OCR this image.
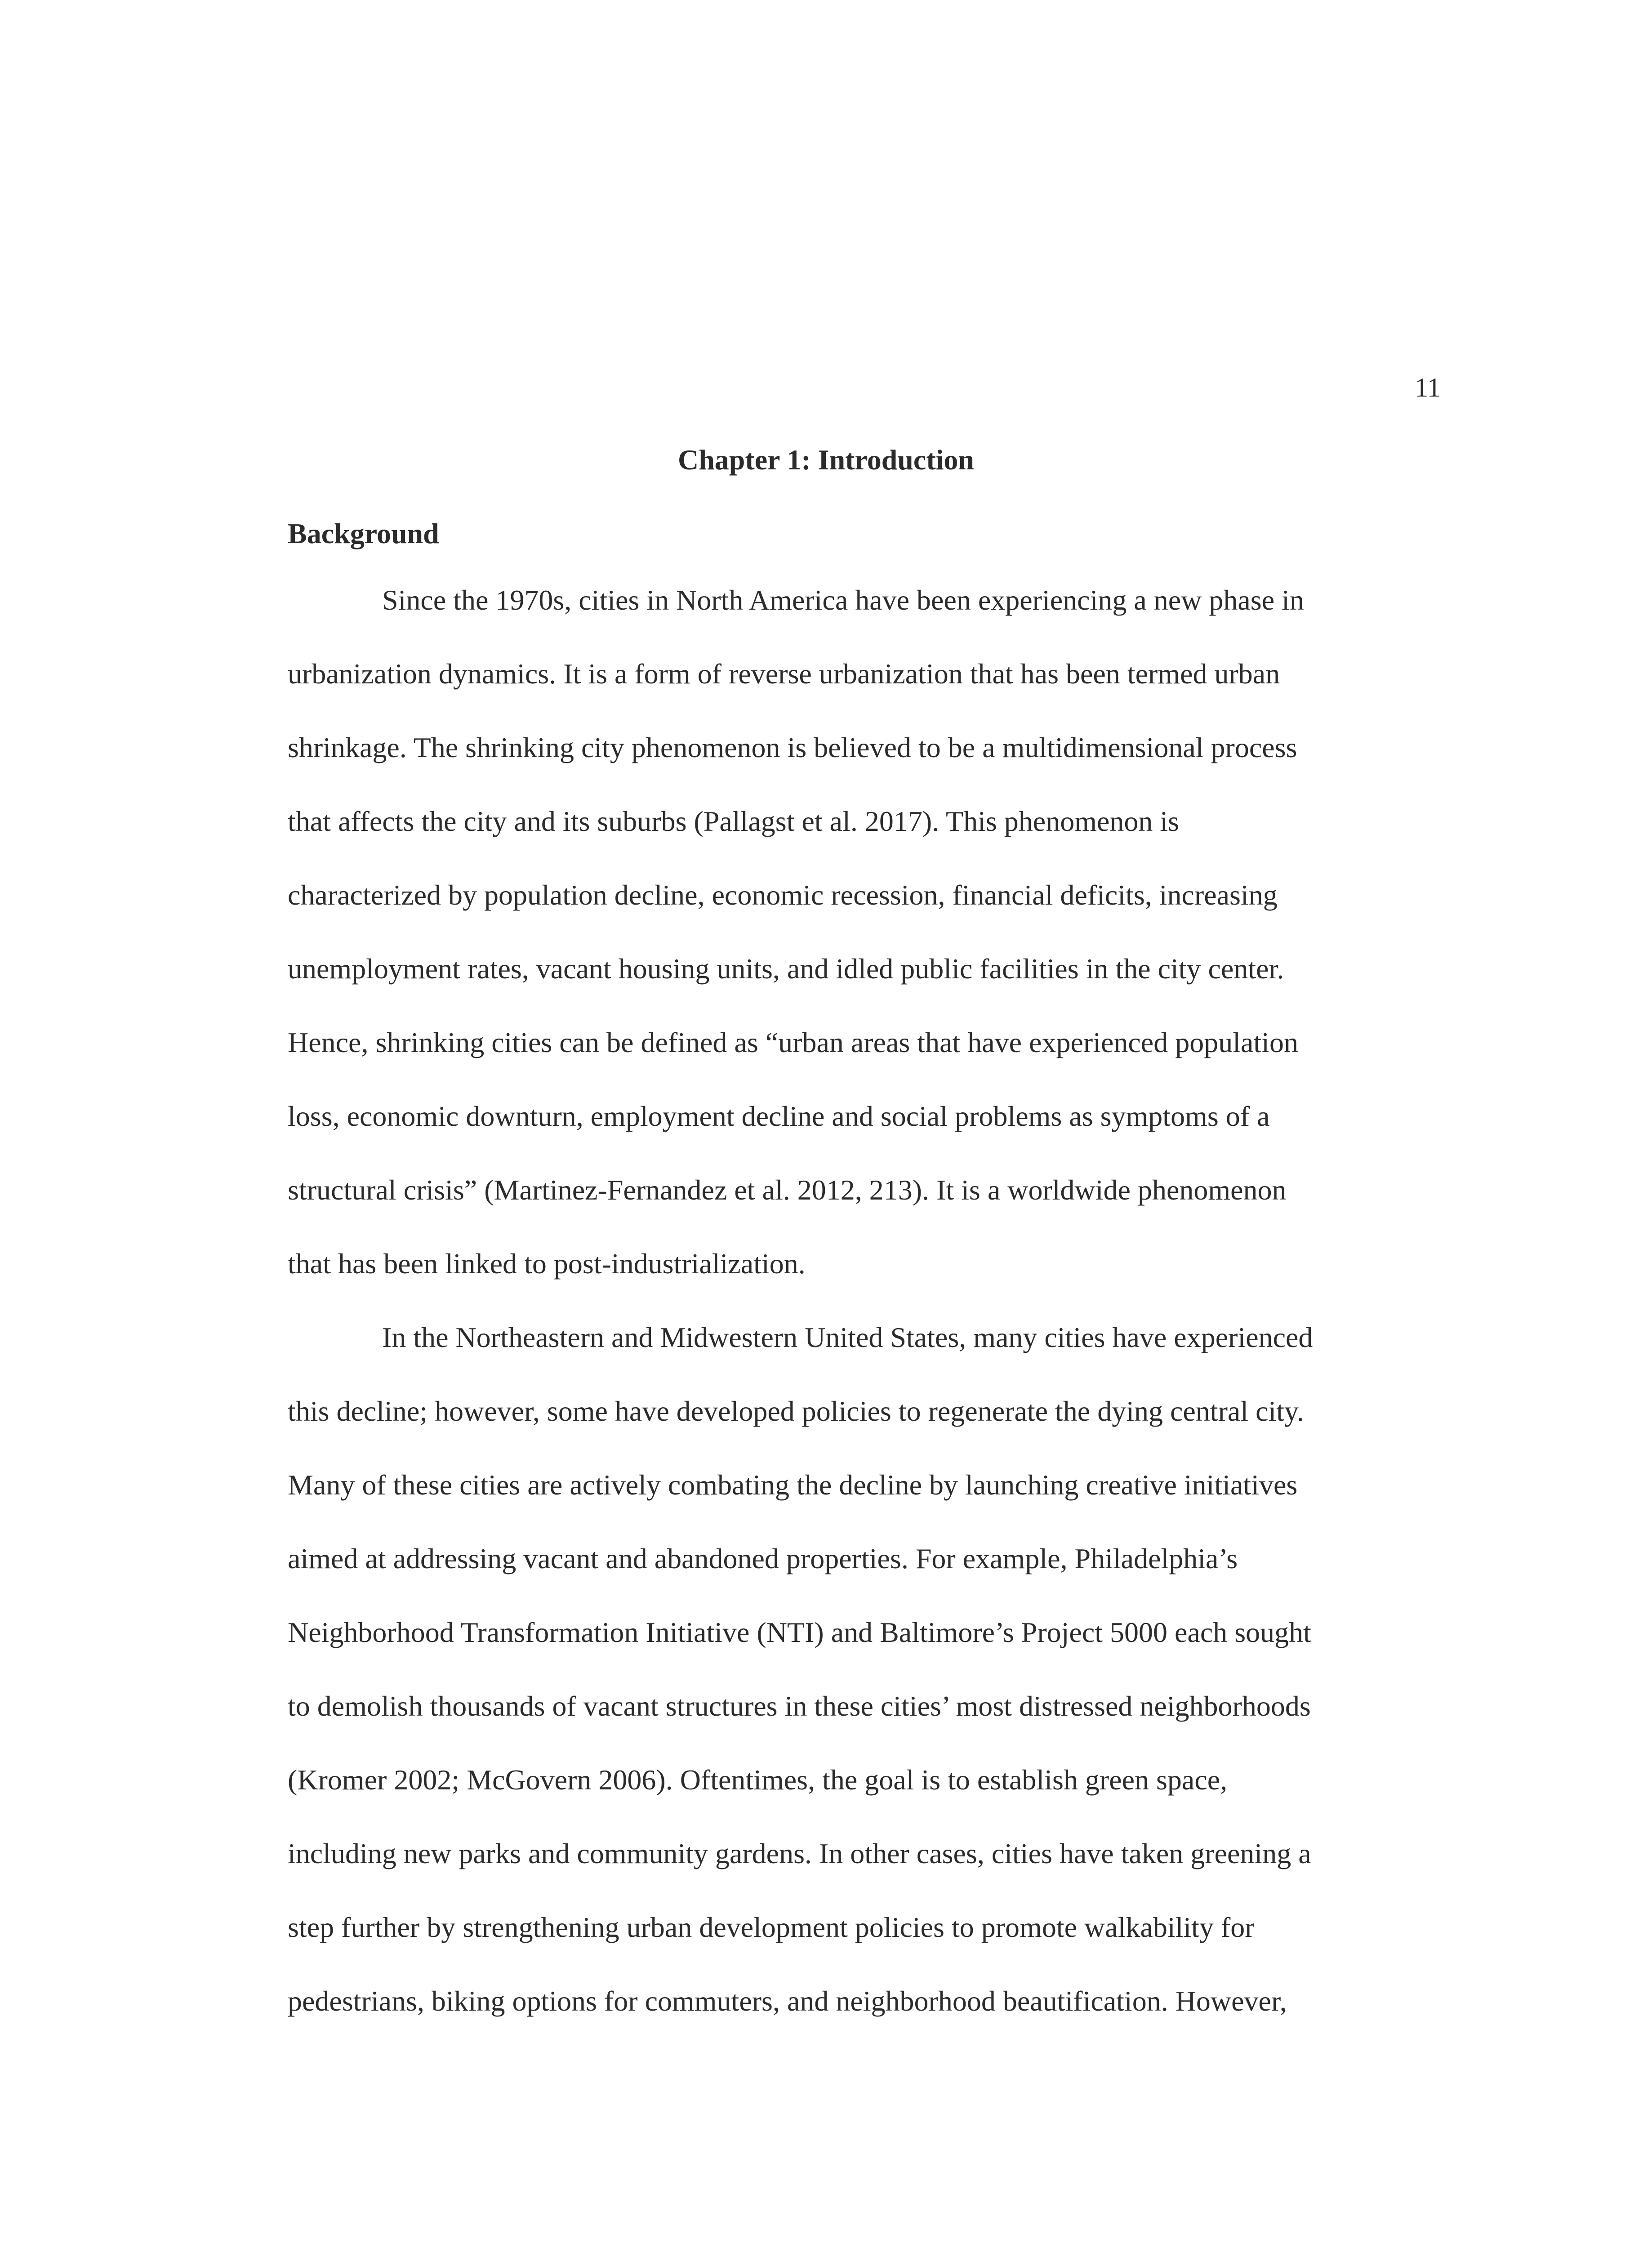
11
Chapter 1: Introduction
Background
Since the 1970s, cities in North America have been experiencing a new phase in
urbanization dynamics. It is a form of reverse urbanization that has been termed urban
shrinkage. The shrinking city phenomenon is believed to be a multidimensional process
that affects the city and its suburbs (Pallagst et al. 2017). This phenomenon is
characterized by population decline, economic recession, financial deficits, increasing
unemployment rates, vacant housing units, and idled public facilities in the city center.
Hence, shrinking cities can be defined as “urban areas that have experienced population
loss, economic downturn, employment decline and social problems as symptoms of a
structural crisis” (Martinez-Fernandez et al. 2012, 213). It is a worldwide phenomenon
that has been linked to post-industrialization.
In the Northeastern and Midwestern United States, many cities have experienced
this decline; however, some have developed policies to regenerate the dying central city.
Many of these cities are actively combating the decline by launching creative initiatives
aimed at addressing vacant and abandoned properties. For example, Philadelphia’s
Neighborhood Transformation Initiative (NTI) and Baltimore’s Project 5000 each sought
to demolish thousands of vacant structures in these cities’ most distressed neighborhoods
(Kromer 2002; McGovern 2006). Oftentimes, the goal is to establish green space,
including new parks and community gardens. In other cases, cities have taken greening a
step further by strengthening urban development policies to promote walkability for
pedestrians, biking options for commuters, and neighborhood beautification. However,
